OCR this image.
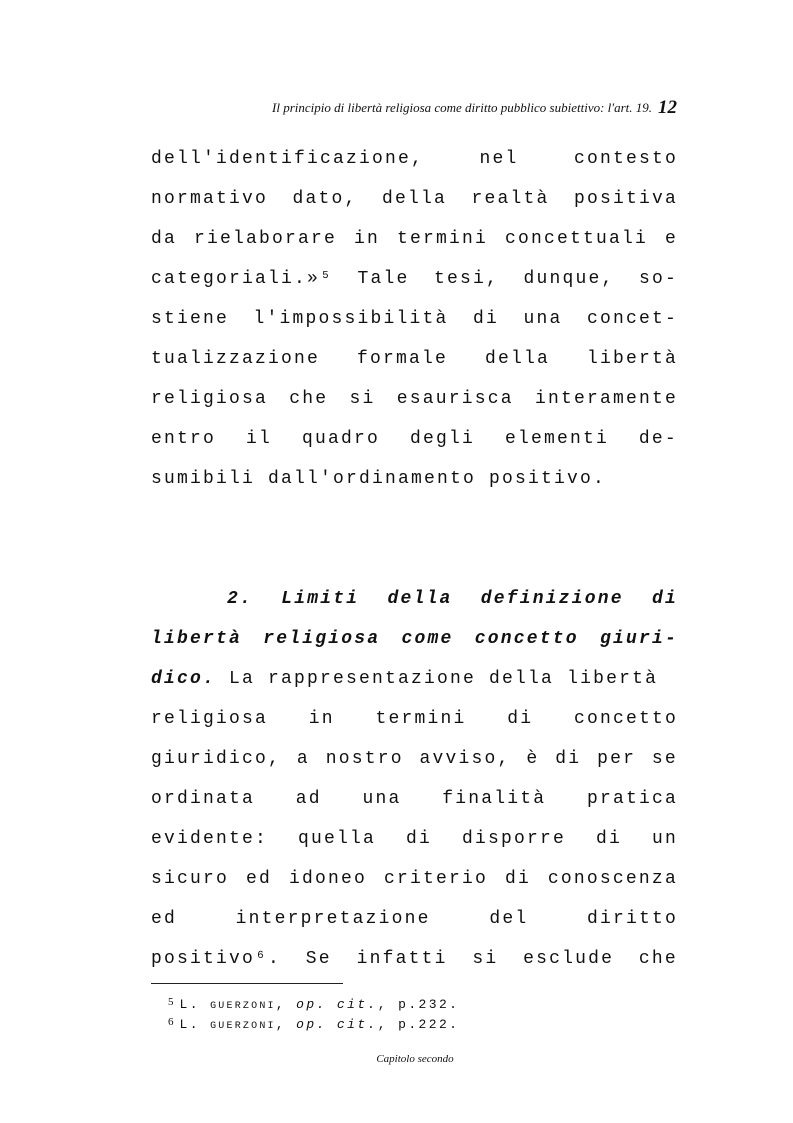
Il principio di libertà religiosa come diritto pubblico subiettivo: l'art. 19. 12
dell'identificazione,	nel	contesto
normativo dato, della realtà positiva
da rielaborare in termini concettuali e
categoriali.»⁵ Tale tesi, dunque, so-
stiene l'impossibilità di una concet-
tualizzazione formale della libertà
religiosa che si esaurisca interamente
entro il quadro degli elementi de-
sumibili dall'ordinamento positivo.
2. Limiti della definizione di
libertà religiosa come concetto giuri-
dico. La rappresentazione della libertà
religiosa in termini di concetto
giuridico, a nostro avviso, è di per se
ordinata ad una finalità pratica
evidente: quella di disporre di un
sicuro ed idoneo criterio di conoscenza
ed	interpretazione	del	diritto
positivo⁶. Se infatti si esclude che
$^5$ L. GUERZONI, op. cit., p.232.
$^6$ L. GUERZONI, op. cit., p.222.
Capitolo secondo
